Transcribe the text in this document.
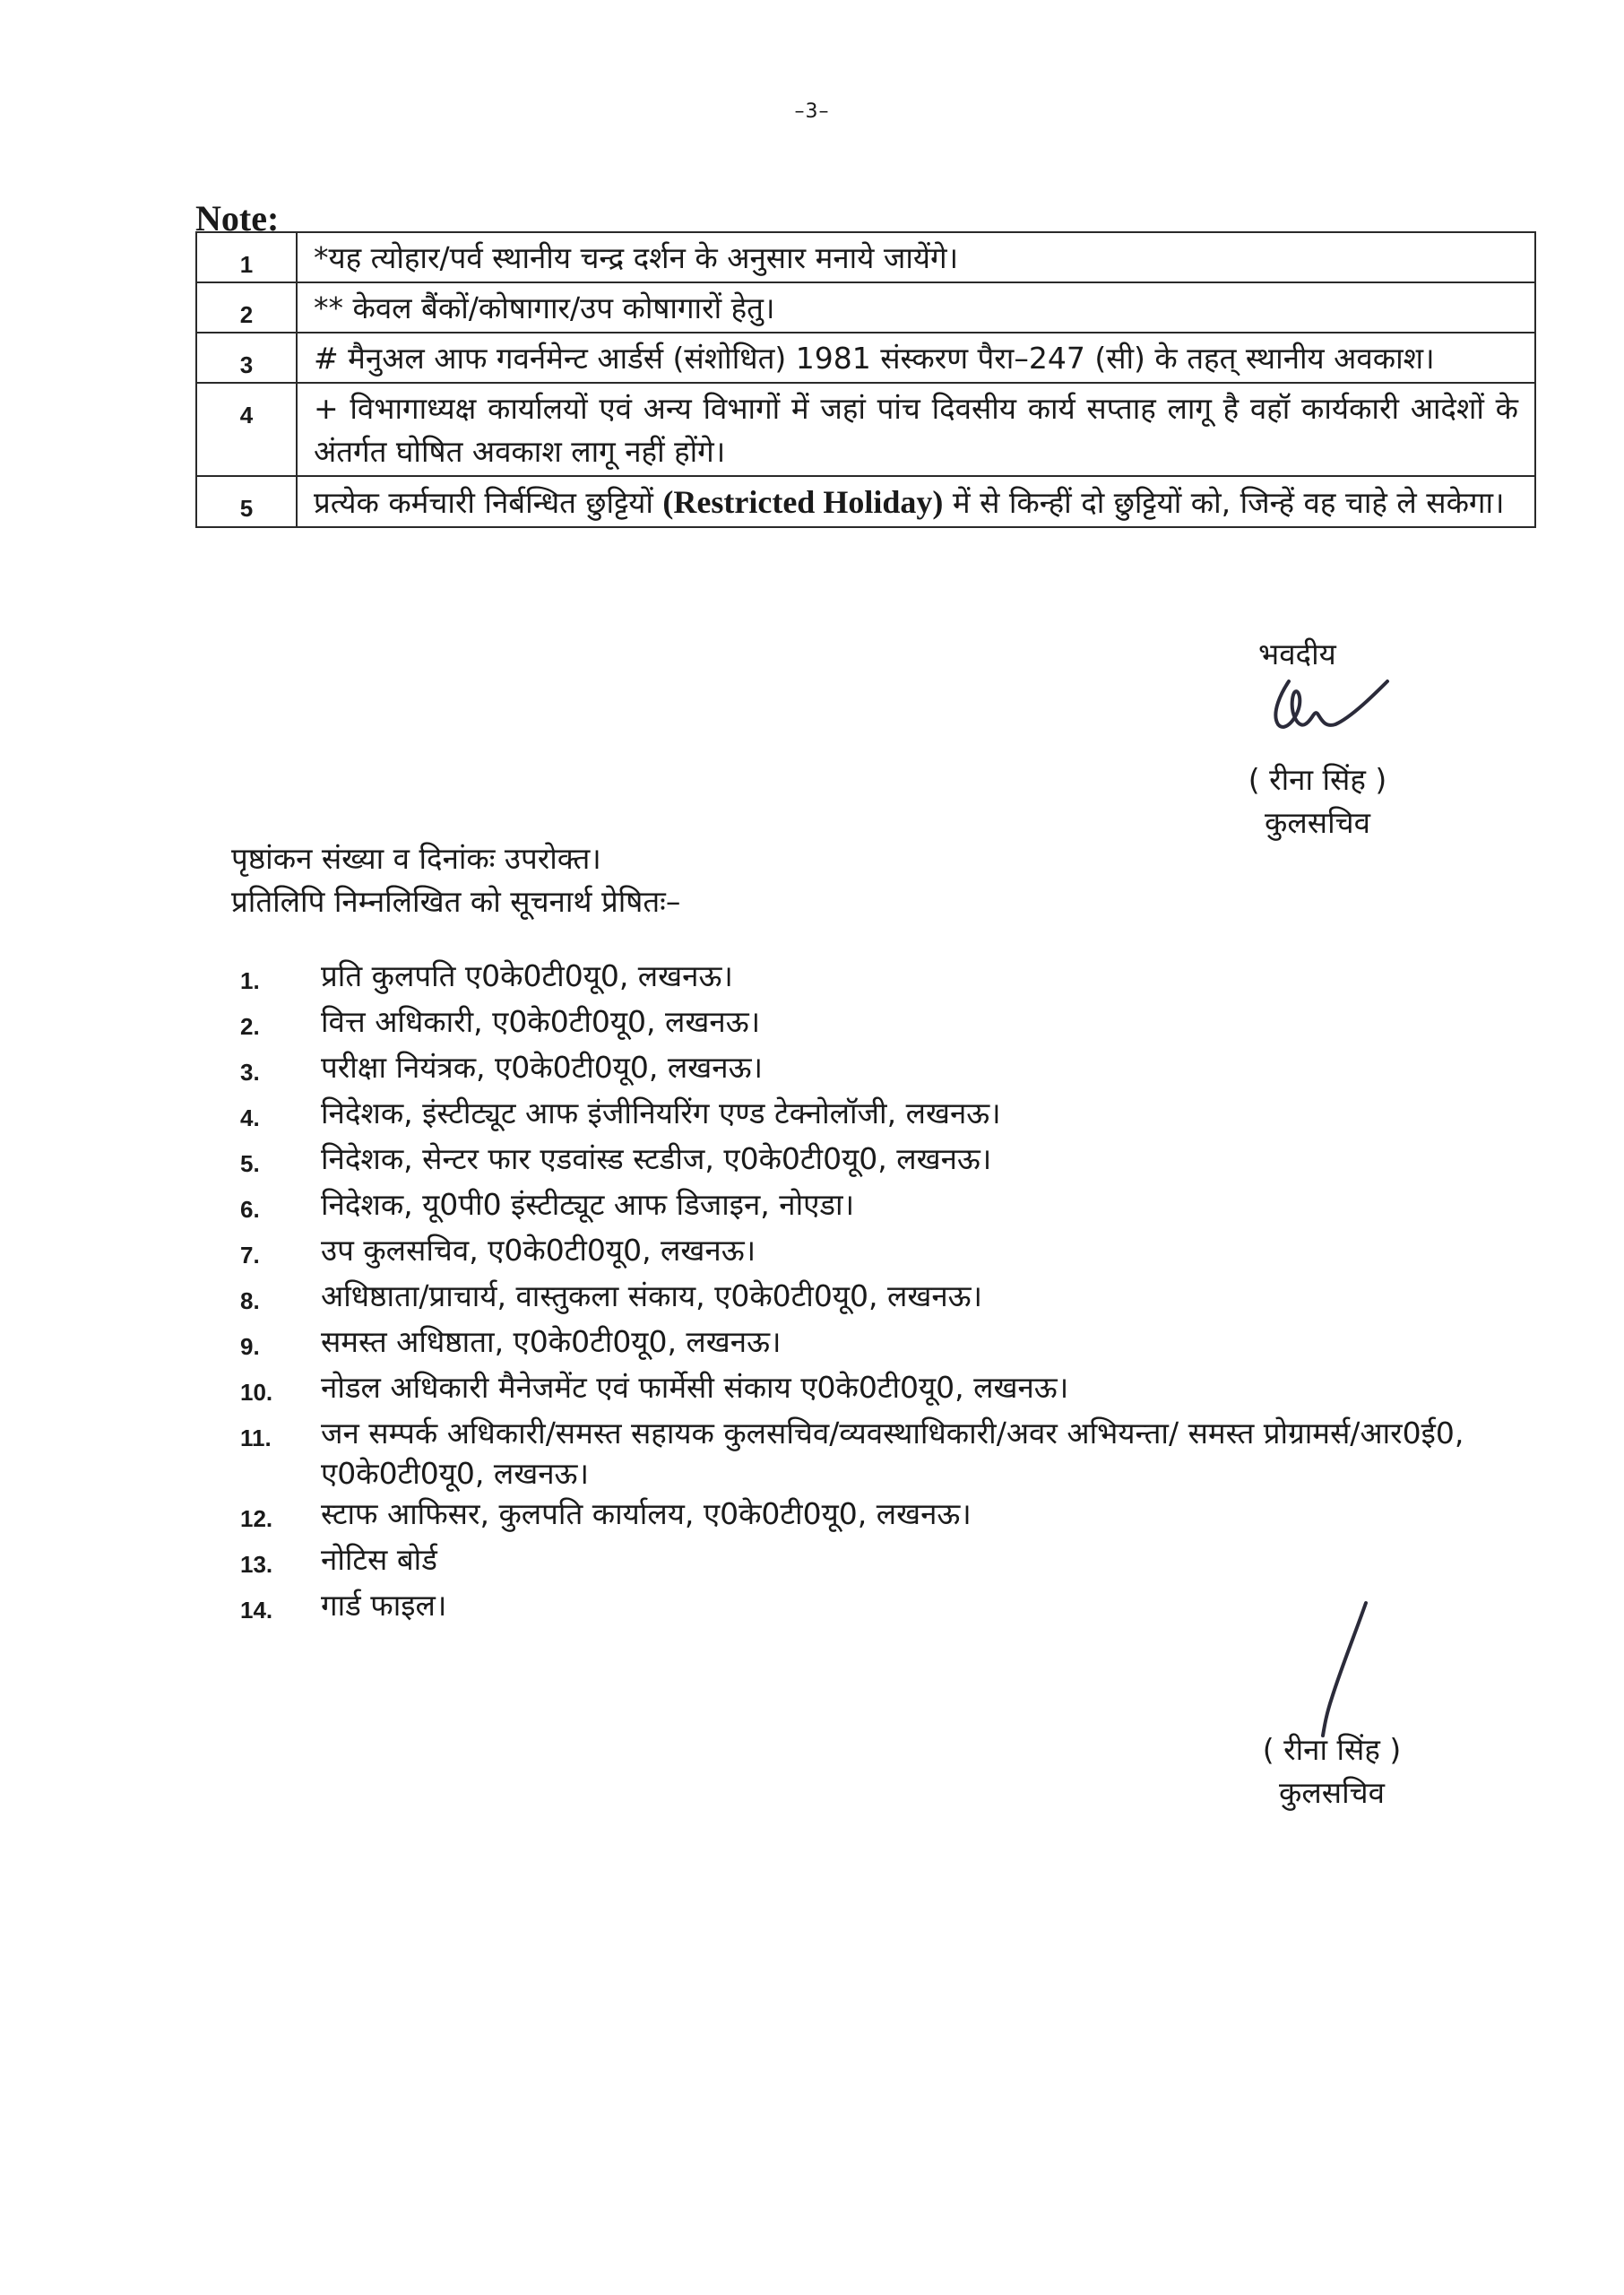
–3–
Note:
1	*यह त्योहार/पर्व स्थानीय चन्द्र दर्शन के अनुसार मनाये जायेंगे।
2	** केवल बैंकों/कोषागार/उप कोषागारों हेतु।
3	# मैनुअल आफ गवर्नमेन्ट आर्डर्स (संशोधित) 1981 संस्करण पैरा–247 (सी) के तहत् स्थानीय अवकाश।
4	+ विभागाध्यक्ष कार्यालयों एवं अन्य विभागों में जहां पांच दिवसीय कार्य सप्ताह लागू है वहॉ कार्यकारी आदेशों के अंतर्गत घोषित अवकाश लागू नहीं होंगे।
5	प्रत्येक कर्मचारी निर्बन्धित छुट्टियों (Restricted Holiday) में से किन्हीं दो छुट्टियों को, जिन्हें वह चाहे ले सकेगा।
भवदीय
( रीना सिंह )
कुलसचिव
पृष्ठांकन संख्या व दिनांकः उपरोक्त।
प्रतिलिपि निम्नलिखित को सूचनार्थ प्रेषितः–
1.	प्रति कुलपति ए0के0टी0यू0, लखनऊ।
2.	वित्त अधिकारी, ए0के0टी0यू0, लखनऊ।
3.	परीक्षा नियंत्रक, ए0के0टी0यू0, लखनऊ।
4.	निदेशक, इंस्टीट्यूट आफ इंजीनियरिंग एण्ड टेक्नोलॉजी, लखनऊ।
5.	निदेशक, सेन्टर फार एडवांस्ड स्टडीज, ए0के0टी0यू0, लखनऊ।
6.	निदेशक, यू0पी0 इंस्टीट्यूट आफ डिजाइन, नोएडा।
7.	उप कुलसचिव, ए0के0टी0यू0, लखनऊ।
8.	अधिष्ठाता/प्राचार्य, वास्तुकला संकाय, ए0के0टी0यू0, लखनऊ।
9.	समस्त अधिष्ठाता, ए0के0टी0यू0, लखनऊ।
10.	नोडल अधिकारी मैनेजमेंट एवं फार्मेसी संकाय ए0के0टी0यू0, लखनऊ।
11.	जन सम्पर्क अधिकारी/समस्त सहायक कुलसचिव/व्यवस्थाधिकारी/अवर अभियन्ता/ समस्त प्रोग्रामर्स/आर0ई0, ए0के0टी0यू0, लखनऊ।
12.	स्टाफ आफिसर, कुलपति कार्यालय, ए0के0टी0यू0, लखनऊ।
13.	नोटिस बोर्ड
14.	गार्ड फाइल।
( रीना सिंह )
कुलसचिव
